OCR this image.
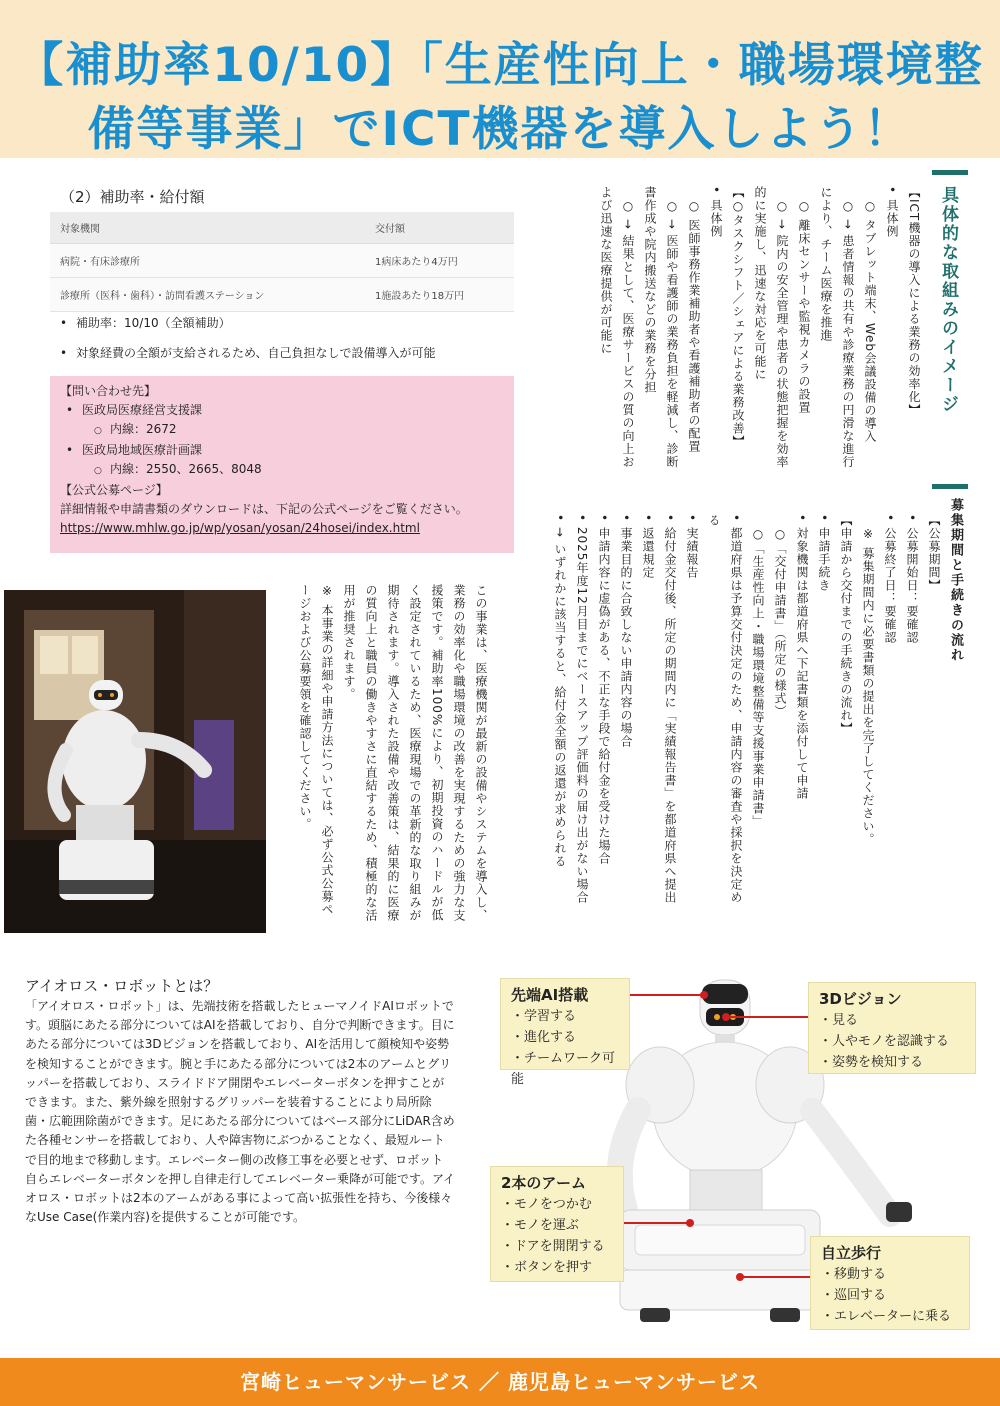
【補助率10/10】「生産性向上・職場環境整
備等事業」でICT機器を導入しよう！
（2）補助率・給付額
対象機関	交付額
病院・有床診療所	1病床あたり4万円
診療所（医科・歯科）・訪問看護ステーション	1施設あたり18万円
• 補助率：10/10（全額補助）
• 対象経費の全額が支給されるため、自己負担なしで設備導入が可能
【問い合わせ先】
• 医政局医療経営支援課
○ 内線：2672
• 医政局地域医療計画課
○ 内線：2550、2665、8048
【公式公募ページ】
詳細情報や申請書類のダウンロードは、下記の公式ページをご覧ください。
https://www.mhlw.go.jp/wp/yosan/yosan/24hosei/index.html
具体的な取組みのイメージ
【ICT機器の導入による業務の効率化】
• 具体例
　○ タブレット端末、Web会議設備の導入
　○ → 患者情報の共有や診療業務の円滑な進行により、チーム医療を推進
　○ 離床センサーや監視カメラの設置
　○ → 院内の安全管理や患者の状態把握を効率的に実施し、迅速な対応を可能に
【○タスクシフト／シェアによる業務改善】
• 具体例
　○ 医師事務作業補助者や看護補助者の配置
　○ → 医師や看護師の業務負担を軽減し、診断書作成や院内搬送などの業務を分担
　○ → 結果として、医療サービスの質の向上および迅速な医療提供が可能に
募集期間と手続きの流れ
【公募期間】
• 公募開始日：要確認
• 公募終了日：要確認
　※ 募集期間内に必要書類の提出を完了してください。
【申請から交付までの手続きの流れ】
• 申請手続き
• 対象機関は都道府県へ下記書類を添付して申請
　○「交付申請書」（所定の様式）
　○「生産性向上・職場環境整備等支援事業申請書」
• 都道府県は予算交付決定のため、申請内容の審査や採択を決定める
• 実績報告
• 給付金交付後、所定の期間内に「実績報告書」を都道府県へ提出
• 返還規定
• 事業目的に合致しない申請内容の場合
• 申請内容に虚偽がある、不正な手段で給付金を受けた場合
• 2025年度12月目までにベースアップ評価料の届け出がない場合
• → いずれかに該当すると、給付金全額の返還が求められる
この事業は、医療機関が最新の設備やシステムを導入し、業務の効率化や職場環境の改善を実現するための強力な支援策です。補助率100%により、初期投資のハードルが低く設定されているため、医療現場での革新的な取り組みが期待されます。導入された設備や改善策は、結果的に医療の質向上と職員の働きやすさに直結するため、積極的な活用が推奨されます。
※ 本事業の詳細や申請方法については、必ず公式公募ページおよび公募要領を確認してください。
アイオロス・ロボットとは？
「アイオロス・ロボット」は、先端技術を搭載したヒューマノイドAIロボットです。頭脳にあたる部分についてはAIを搭載しており、自分で判断できます。目にあたる部分については3Dビジョンを搭載しており、AIを活用して顔検知や姿勢を検知することができます。腕と手にあたる部分については2本のアームとグリッパーを搭載しており、スライドドア開閉やエレベーターボタンを押すことができます。また、紫外線を照射するグリッパーを装着することにより局所除菌・広範囲除菌ができます。足にあたる部分についてはベース部分にLiDAR含めた各種センサーを搭載しており、人や障害物にぶつかることなく、最短ルートで目的地まで移動します。エレベーター側の改修工事を必要とせず、ロボット自らエレベーターボタンを押し自律走行してエレベーター乗降が可能です。アイオロス・ロボットは2本のアームがある事によって高い拡張性を持ち、今後様々なUse Case(作業内容)を提供することが可能です。
先端AI搭載
・ 学習する
・ 進化する
・ チームワーク可能
3Dビジョン
・ 見る
・ 人やモノを認識する
・ 姿勢を検知する
2本のアーム
・ モノをつかむ
・ モノを運ぶ
・ ドアを開閉する
・ ボタンを押す
自立歩行
・ 移動する
・ 巡回する
・ エレベーターに乗る
宮崎ヒューマンサービス ／ 鹿児島ヒューマンサービス
